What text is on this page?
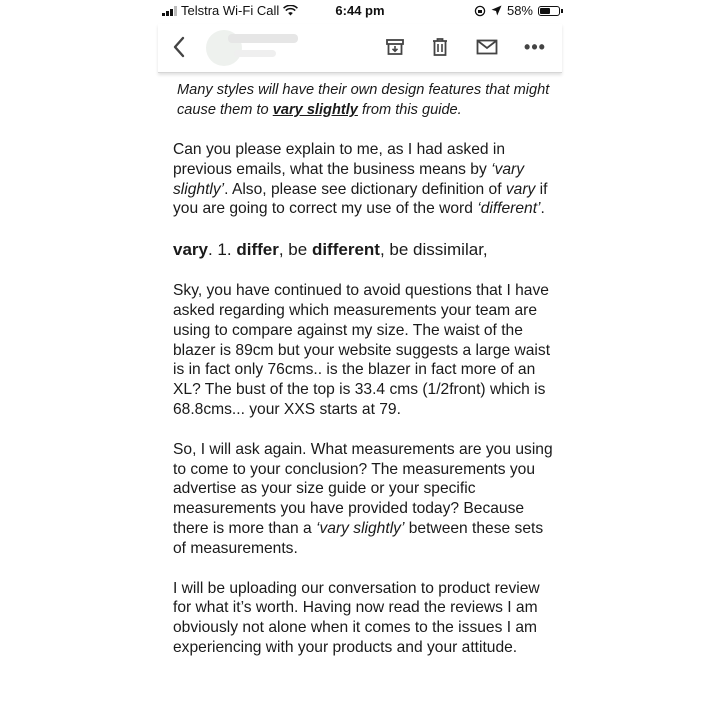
Telstra Wi-Fi Call	6:44 pm	58%
•••

Many styles will have their own design features that might cause them to vary slightly from this guide.

Can you please explain to me, as I had asked in previous emails, what the business means by ‘vary slightly’. Also, please see dictionary definition of vary if you are going to correct my use of the word ‘different’.

vary. 1. differ, be different, be dissimilar,

Sky, you have continued to avoid questions that I have asked regarding which measurements your team are using to compare against my size. The waist of the blazer is 89cm but your website suggests a large waist is in fact only 76cms.. is the blazer in fact more of an XL? The bust of the top is 33.4 cms (1/2front) which is 68.8cms... your XXS starts at 79.

So, I will ask again. What measurements are you using to come to your conclusion? The measurements you advertise as your size guide or your specific measurements you have provided today? Because there is more than a ‘vary slightly’ between these sets of measurements.

I will be uploading our conversation to product review for what it’s worth. Having now read the reviews I am obviously not alone when it comes to the issues I am experiencing with your products and your attitude.
